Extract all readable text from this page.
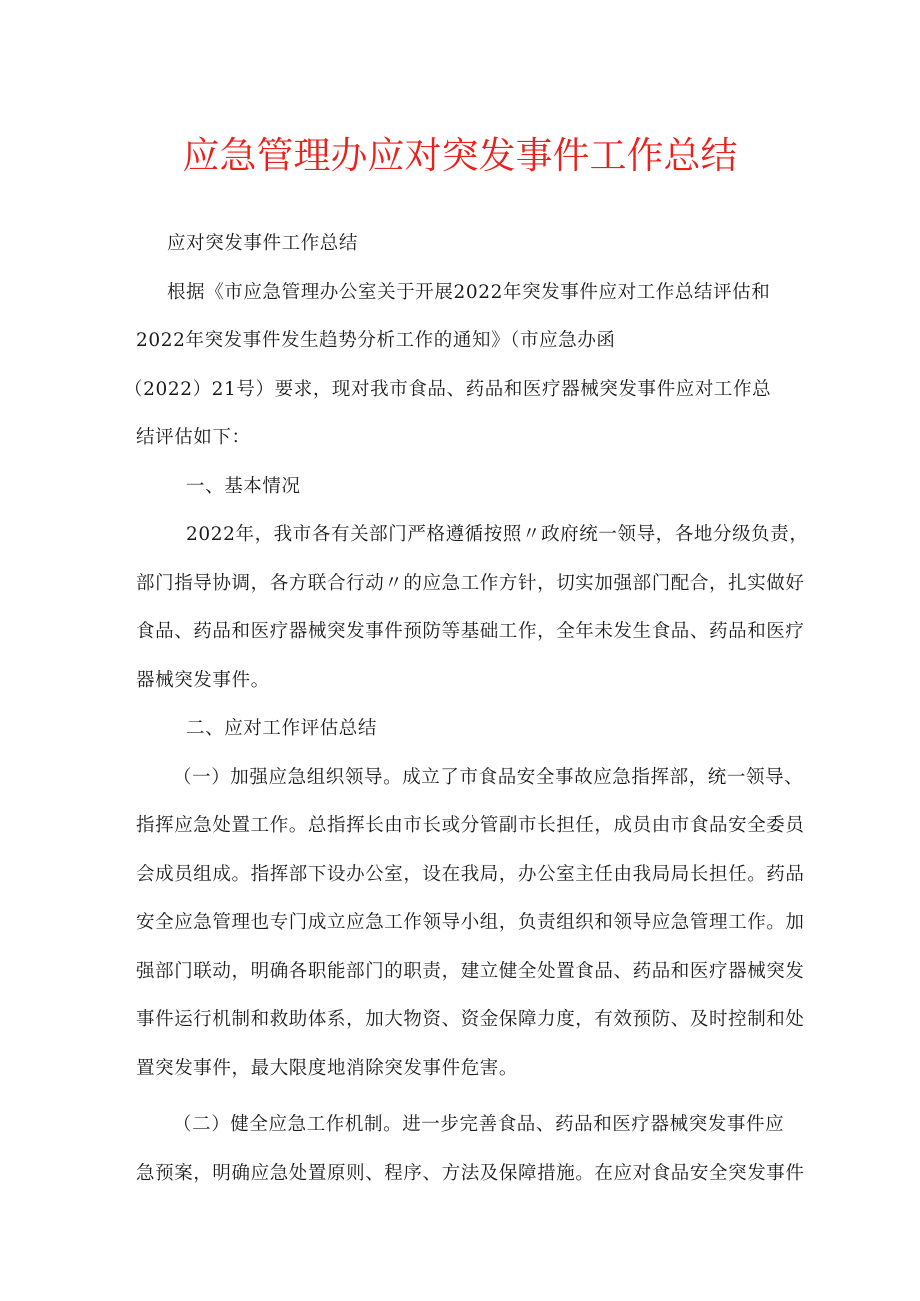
应急管理办应对突发事件工作总结

应对突发事件工作总结

根据《市应急管理办公室关于开展2022年突发事件应对工作总结评估和

2022年突发事件发生趋势分析工作的通知》（市应急办函

（2022）21号）要求，现对我市食品、药品和医疗器械突发事件应对工作总

结评估如下：

一、基本情况

2022年，我市各有关部门严格遵循按照〃政府统一领导，各地分级负责，

部门指导协调，各方联合行动〃的应急工作方针，切实加强部门配合，扎实做好

食品、药品和医疗器械突发事件预防等基础工作，全年未发生食品、药品和医疗

器械突发事件。

二、应对工作评估总结

（一）加强应急组织领导。成立了市食品安全事故应急指挥部，统一领导、

指挥应急处置工作。总指挥长由市长或分管副市长担任，成员由市食品安全委员

会成员组成。指挥部下设办公室，设在我局，办公室主任由我局局长担任。药品

安全应急管理也专门成立应急工作领导小组，负责组织和领导应急管理工作。加

强部门联动，明确各职能部门的职责，建立健全处置食品、药品和医疗器械突发

事件运行机制和救助体系，加大物资、资金保障力度，有效预防、及时控制和处

置突发事件，最大限度地消除突发事件危害。

（二）健全应急工作机制。进一步完善食品、药品和医疗器械突发事件应

急预案，明确应急处置原则、程序、方法及保障措施。在应对食品安全突发事件
